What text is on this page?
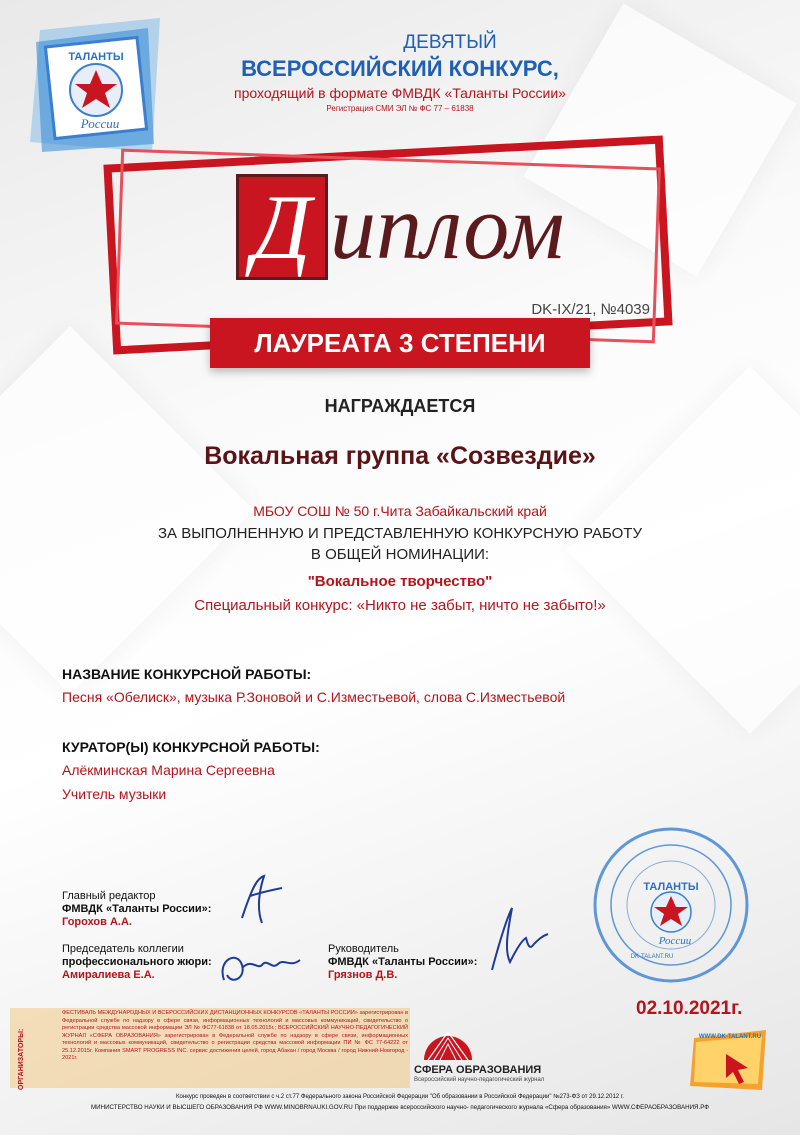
ТАЛАНТЫ
России
ДЕВЯТЫЙ
ВСЕРОССИЙСКИЙ КОНКУРС,
проходящий в формате ФМВДК «Таланты России»
Регистрация СМИ ЭЛ № ФС 77 – 61838
Д иплом
DK-IX/21, №4039
ЛАУРЕАТА 3 СТЕПЕНИ
НАГРАЖДАЕТСЯ
Вокальная группа «Созвездие»
МБОУ СОШ № 50 г.Чита Забайкальский край
ЗА ВЫПОЛНЕННУЮ И ПРЕДСТАВЛЕННУЮ КОНКУРСНУЮ РАБОТУ
В ОБЩЕЙ НОМИНАЦИИ:
"Вокальное творчество"
Специальный конкурс: «Никто не забыт, ничто не забыто!»
НАЗВАНИЕ КОНКУРСНОЙ РАБОТЫ:
Песня «Обелиск», музыка Р.Зоновой и С.Изместьевой, слова С.Изместьевой
КУРАТОР(Ы) КОНКУРСНОЙ РАБОТЫ:
Алёкминская Марина Сергеевна
Учитель музыки
Главный редактор
ФМВДК «Таланты России»:
Горохов А.А.
Председатель коллегии
профессионального жюри:
Амиралиева Е.А.
Руководитель
ФМВДК «Таланты России»:
Грязнов Д.В.
ТАЛАНТЫ
России
DK-TALANT.RU
02.10.2021г.
ОРГАНИЗАТОРЫ:
ФЕСТИВАЛЬ МЕЖДУНАРОДНЫХ И ВСЕРОССИЙСКИХ ДИСТАНЦИОННЫХ КОНКУРСОВ «ТАЛАНТЫ РОССИИ» зарегистрирован в Федеральной службе по надзору в сфере связи, информационных технологий и массовых коммуникаций, свидетельство о регистрации средства массовой информации ЭЛ № ФС77-61838 от 18.05.2015г.; ВСЕРОССИЙСКИЙ НАУЧНО-ПЕДАГОГИЧЕСКИЙ ЖУРНАЛ «СФЕРА ОБРАЗОВАНИЯ» зарегистрирован в Федеральной службе по надзору в сфере связи, информационных технологий и массовых коммуникаций, свидетельство о регистрации средства массовой информации ПИ № ФС 77-64222 от 25.12.2015г. Компания SMART PROGRESS INC. сервис достижения целей, город Абакан / город Москва / город Нижний-Новгород - 2021г.
СФЕРА ОБРАЗОВАНИЯ
Всероссийский научно-педагогический журнал
WWW.DK-TALANT.RU
Конкурс проведен в соответствии с ч.2 ст.77 Федерального закона Российской Федерации "Об образовании в Российской Федерации" №273-ФЗ от 29.12.2012 г.
МИНИСТЕРСТВО НАУКИ И ВЫСШЕГО ОБРАЗОВАНИЯ РФ WWW.MINOBRNAUKI.GOV.RU При поддержке всероссийского научно- педагогического журнала «Сфера образования» WWW.СФЕРАОБРАЗОВАНИЯ.РФ
